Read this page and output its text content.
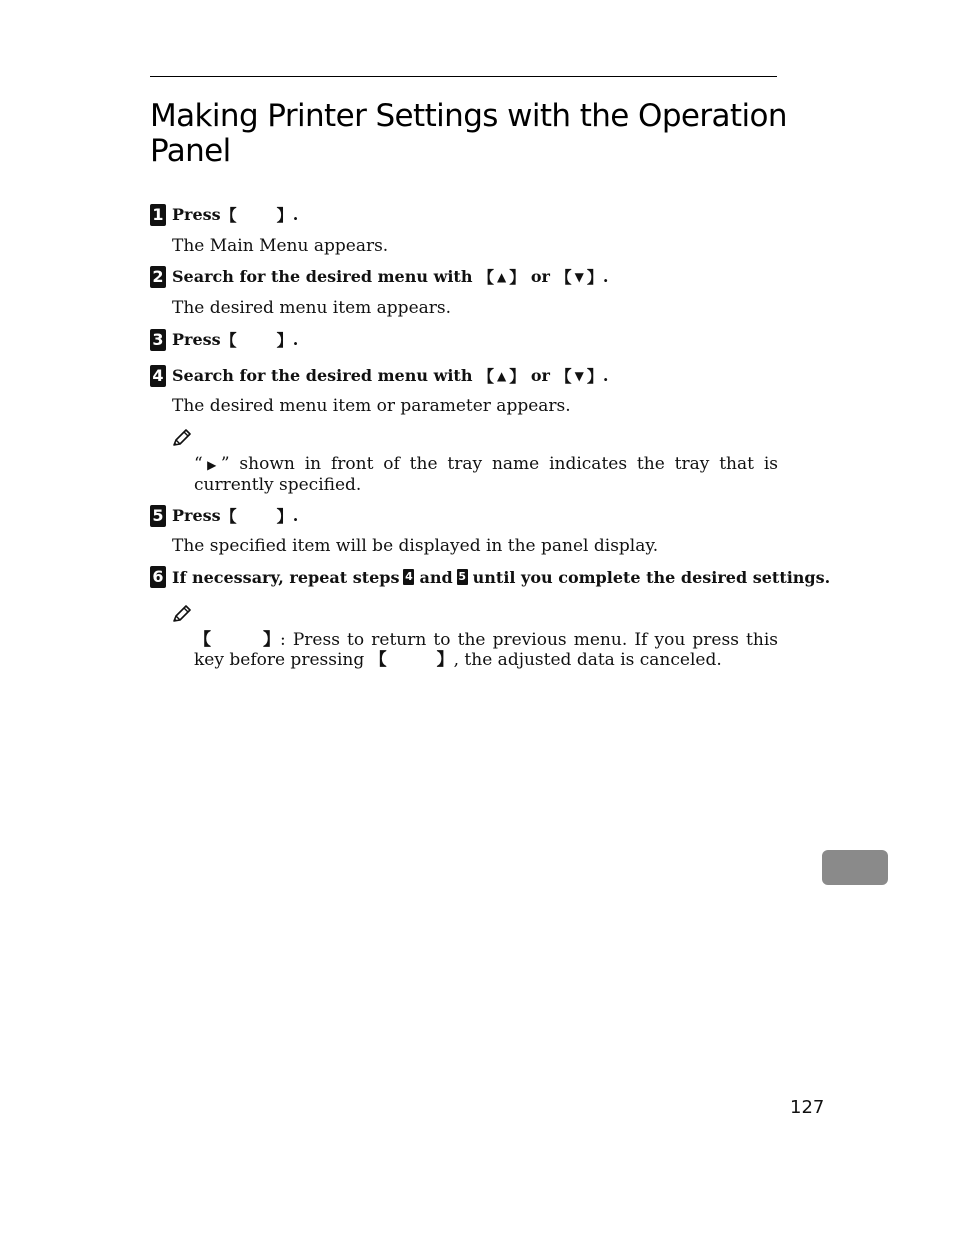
Making Printer Settings with the Operation Panel
1 Press 【	】 .
The Main Menu appears.
2 Search for the desired menu with
【 ▲ 】
or
【 ▼ 】 .
The desired menu item appears.
3 Press 【	】 .
4 Search for the desired menu with
【 ▲ 】
or
【 ▼ 】 .
The desired menu item or parameter appears.
“▶” shown in front of the tray name indicates the tray that is currently specified.
5 Press 【	】 .
The specified item will be displayed in the panel display.
6 If necessary, repeat steps 4 and 5 until you complete the desired settings.
【	】 : Press to return to the previous menu. If you press this key before pressing 【	】 , the adjusted data is canceled.
127
